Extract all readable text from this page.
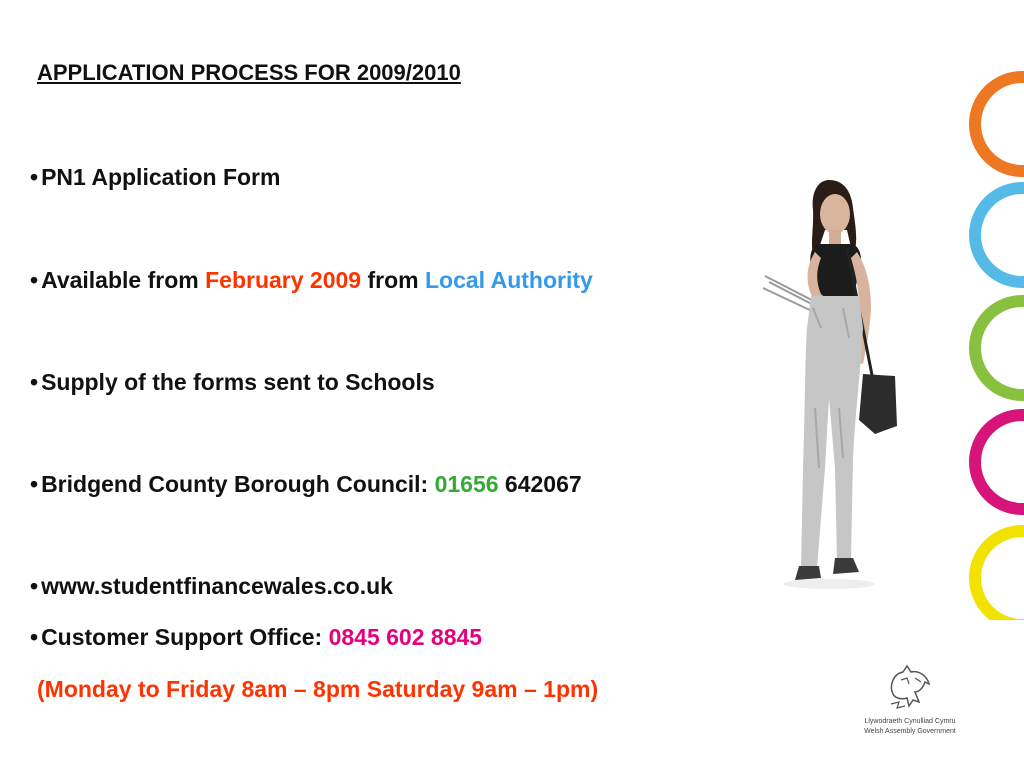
APPLICATION PROCESS FOR 2009/2010
• PN1 Application Form
• Available from February 2009 from Local Authority
• Supply of the forms sent to Schools
• Bridgend County Borough Council: 01656 642067
• www.studentfinancewales.co.uk
• Customer Support Office: 0845 602 8845
(Monday to Friday 8am – 8pm Saturday 9am – 1pm)
Llywodraeth Cynulliad Cymru
Welsh Assembly Government
